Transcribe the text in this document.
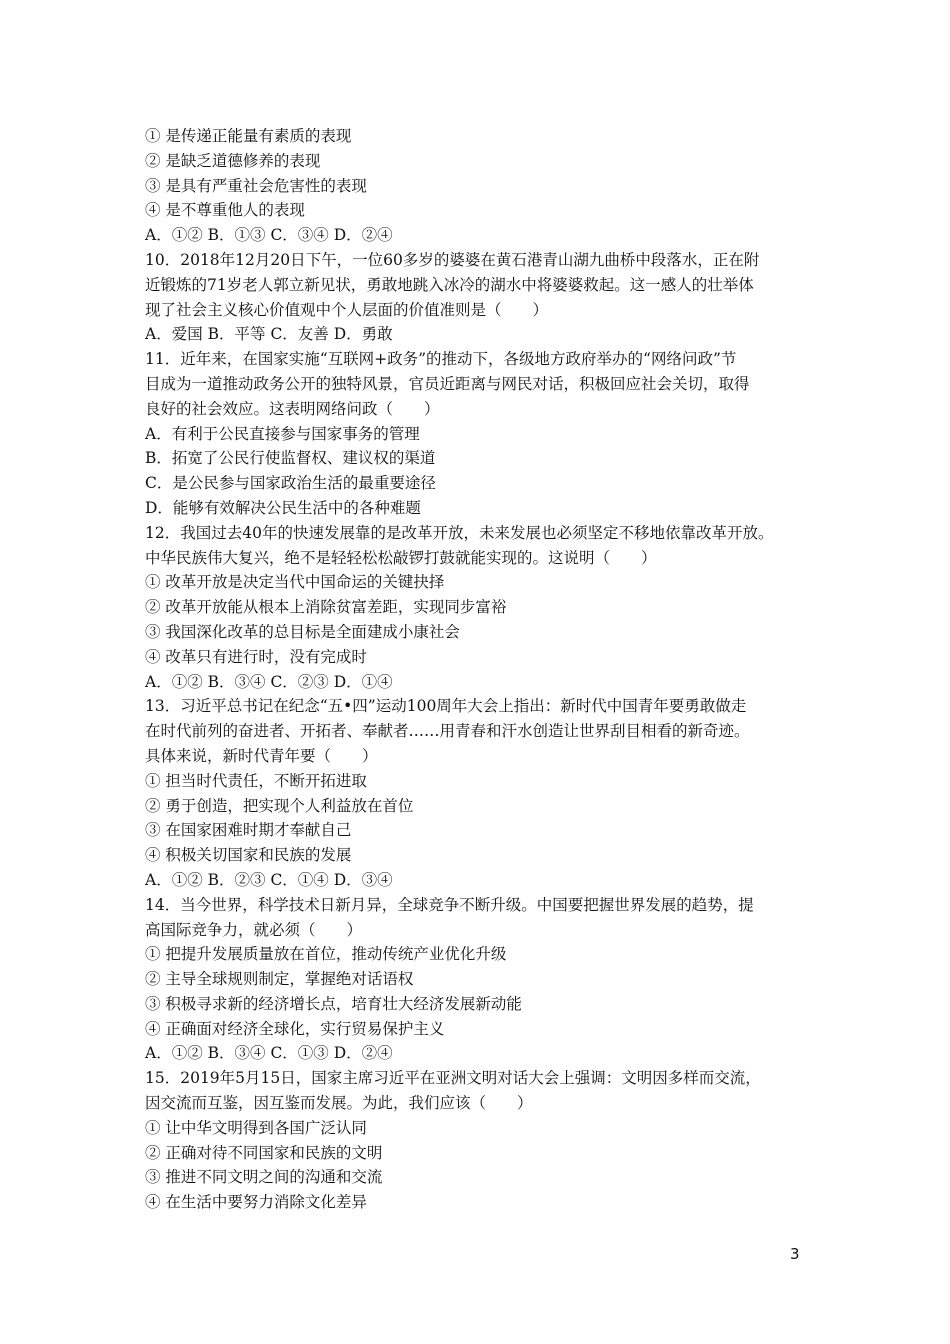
① 是传递正能量有素质的表现
② 是缺乏道德修养的表现
③ 是具有严重社会危害性的表现
④ 是不尊重他人的表现
A．①② B．①③ C．③④ D．②④
10．2018年12月20日下午，一位60多岁的婆婆在黄石港青山湖九曲桥中段落水，正在附
近锻炼的71岁老人郭立新见状，勇敢地跳入冰冷的湖水中将婆婆救起。这一感人的壮举体
现了社会主义核心价值观中个人层面的价值准则是（　　）
A．爱国 B．平等 C．友善 D．勇敢
11．近年来，在国家实施“互联网+政务”的推动下，各级地方政府举办的“网络问政”节
目成为一道推动政务公开的独特风景，官员近距离与网民对话，积极回应社会关切，取得
良好的社会效应。这表明网络问政（　　）
A．有利于公民直接参与国家事务的管理
B．拓宽了公民行使监督权、建议权的渠道
C．是公民参与国家政治生活的最重要途径
D．能够有效解决公民生活中的各种难题
12．我国过去40年的快速发展靠的是改革开放，未来发展也必须坚定不移地依靠改革开放。
中华民族伟大复兴，绝不是轻轻松松敲锣打鼓就能实现的。这说明（　　）
① 改革开放是决定当代中国命运的关键抉择
② 改革开放能从根本上消除贫富差距，实现同步富裕
③ 我国深化改革的总目标是全面建成小康社会
④ 改革只有进行时，没有完成时
A．①② B．③④ C．②③ D．①④
13．习近平总书记在纪念“五•四”运动100周年大会上指出：新时代中国青年要勇敢做走
在时代前列的奋进者、开拓者、奉献者……用青春和汗水创造让世界刮目相看的新奇迹。
具体来说，新时代青年要（　　）
① 担当时代责任，不断开拓进取
② 勇于创造，把实现个人利益放在首位
③ 在国家困难时期才奉献自己
④ 积极关切国家和民族的发展
A．①② B．②③ C．①④ D．③④
14．当今世界，科学技术日新月异，全球竞争不断升级。中国要把握世界发展的趋势，提
高国际竞争力，就必须（　　）
① 把提升发展质量放在首位，推动传统产业优化升级
② 主导全球规则制定，掌握绝对话语权
③ 积极寻求新的经济增长点，培育壮大经济发展新动能
④ 正确面对经济全球化，实行贸易保护主义
A．①② B．③④ C．①③ D．②④
15．2019年5月15日，国家主席习近平在亚洲文明对话大会上强调：文明因多样而交流，
因交流而互鉴，因互鉴而发展。为此，我们应该（　　）
① 让中华文明得到各国广泛认同
② 正确对待不同国家和民族的文明
③ 推进不同文明之间的沟通和交流
④ 在生活中要努力消除文化差异
3
